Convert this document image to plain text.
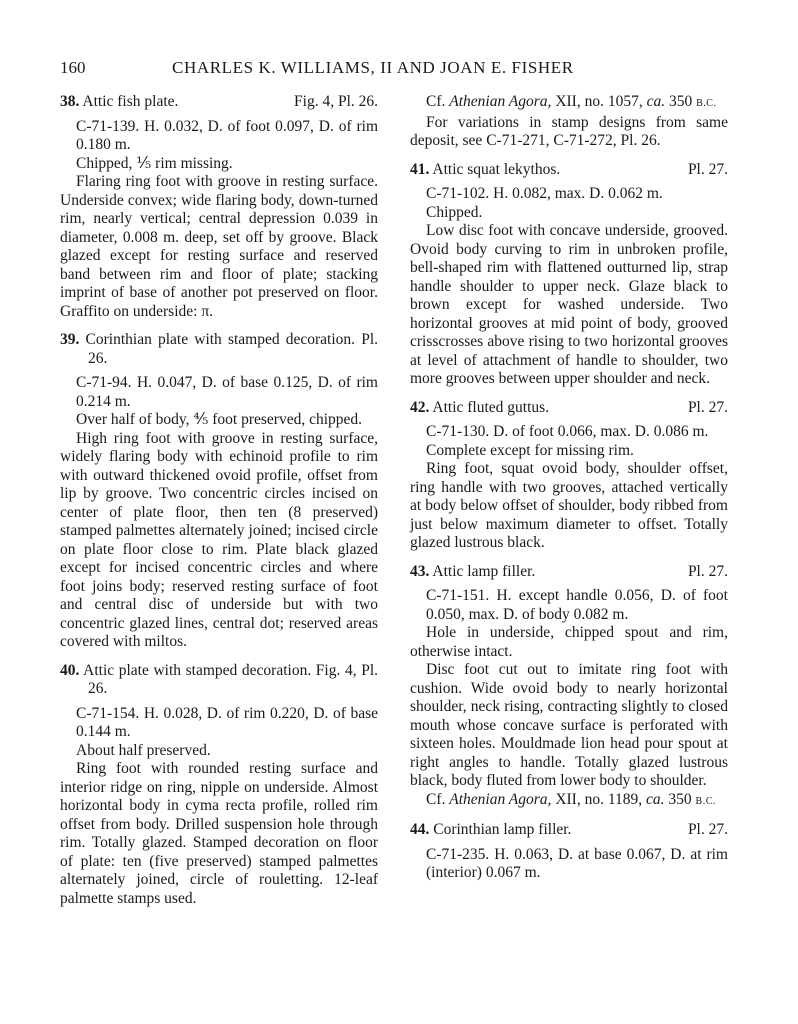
160	CHARLES K. WILLIAMS, II AND JOAN E. FISHER

38. Attic fish plate.	Fig. 4, Pl. 26.

C-71-139. H. 0.032, D. of foot 0.097, D. of rim 0.180 m.

Chipped, ⅕ rim missing.

Flaring ring foot with groove in resting surface. Underside convex; wide flaring body, down-turned rim, nearly vertical; central depression 0.039 in diameter, 0.008 m. deep, set off by groove. Black glazed except for resting surface and reserved band between rim and floor of plate; stacking imprint of base of another pot preserved on floor. Graffito on underside: π.

39. Corinthian plate with stamped decoration. Pl. 26.

C-71-94. H. 0.047, D. of base 0.125, D. of rim 0.214 m.

Over half of body, ⅘ foot preserved, chipped.

High ring foot with groove in resting surface, widely flaring body with echinoid profile to rim with outward thickened ovoid profile, offset from lip by groove. Two concentric circles incised on center of plate floor, then ten (8 preserved) stamped palmettes alternately joined; incised circle on plate floor close to rim. Plate black glazed except for incised concentric circles and where foot joins body; reserved resting surface of foot and central disc of underside but with two concentric glazed lines, central dot; reserved areas covered with miltos.

40. Attic plate with stamped decoration. Fig. 4, Pl. 26.

C-71-154. H. 0.028, D. of rim 0.220, D. of base 0.144 m.

About half preserved.

Ring foot with rounded resting surface and interior ridge on ring, nipple on underside. Almost horizontal body in cyma recta profile, rolled rim offset from body. Drilled suspension hole through rim. Totally glazed. Stamped decoration on floor of plate: ten (five preserved) stamped palmettes alternately joined, circle of rouletting. 12-leaf palmette stamps used.

Cf. Athenian Agora, XII, no. 1057, ca. 350 B.C.

For variations in stamp designs from same deposit, see C-71-271, C-71-272, Pl. 26.

41. Attic squat lekythos.	Pl. 27.

C-71-102. H. 0.082, max. D. 0.062 m.

Chipped.

Low disc foot with concave underside, grooved. Ovoid body curving to rim in unbroken profile, bell-shaped rim with flattened outturned lip, strap handle shoulder to upper neck. Glaze black to brown except for washed underside. Two horizontal grooves at mid point of body, grooved crisscrosses above rising to two horizontal grooves at level of attachment of handle to shoulder, two more grooves between upper shoulder and neck.

42. Attic fluted guttus.	Pl. 27.

C-71-130. D. of foot 0.066, max. D. 0.086 m.

Complete except for missing rim.

Ring foot, squat ovoid body, shoulder offset, ring handle with two grooves, attached vertically at body below offset of shoulder, body ribbed from just below maximum diameter to offset. Totally glazed lustrous black.

43. Attic lamp filler.	Pl. 27.

C-71-151. H. except handle 0.056, D. of foot 0.050, max. D. of body 0.082 m.

Hole in underside, chipped spout and rim, otherwise intact.

Disc foot cut out to imitate ring foot with cushion. Wide ovoid body to nearly horizontal shoulder, neck rising, contracting slightly to closed mouth whose concave surface is perforated with sixteen holes. Mouldmade lion head pour spout at right angles to handle. Totally glazed lustrous black, body fluted from lower body to shoulder.

Cf. Athenian Agora, XII, no. 1189, ca. 350 B.C.

44. Corinthian lamp filler.	Pl. 27.

C-71-235. H. 0.063, D. at base 0.067, D. at rim (interior) 0.067 m.
